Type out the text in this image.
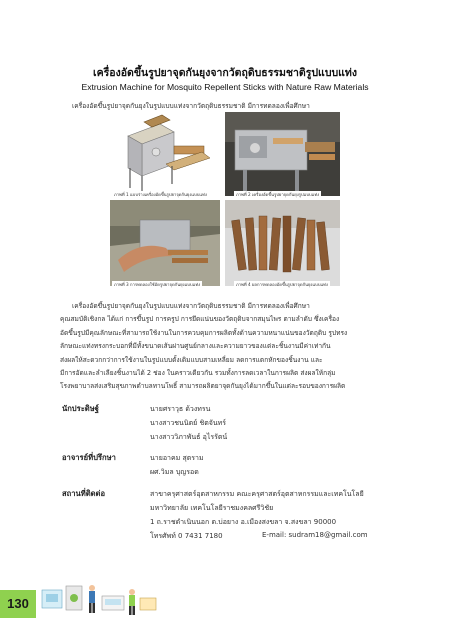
เครื่องอัดขึ้นรูปยาจุดกันยุงจากวัตถุดิบธรรมชาติรูปแบบแท่ง
Extrusion Machine for Mosquito Repellent Sticks with Nature Raw Materials

เครื่องอัดขึ้นรูปยาจุดกันยุงในรูปแบบแท่งจากวัตถุดิบธรรมชาติ มีการทดลองเพื่อศึกษา

ภาพที่ 1 แบบร่างเครื่องอัดขึ้นรูปยาจุดกันยุงแบบแท่ง	ภาพที่ 2 เครื่องอัดขึ้นรูปยาจุดกันยุงรูปแบบแท่ง
ภาพที่ 3 การทดลองใช้อัดรูปยาจุดกันยุงแบบแท่ง	ภาพที่ 4 ผลการทดลองอัดขึ้นรูปยาจุดกันยุงแบบแท่ง

เครื่องอัดขึ้นรูปยาจุดกันยุงในรูปแบบแท่งจากวัตถุดิบธรรมชาติ มีการทดลองเพื่อศึกษา
คุณสมบัติเชิงกล ได้แก่ การขึ้นรูป การครูป การยึดแน่นของวัตถุดิบจากสมุนไพร ตามลำดับ ซึ่งเครื่อง
อัดขึ้นรูปมีคุณลักษณะที่สามารถใช้งานในการควบคุมการผลิตทั้งด้านความหนาแน่นของวัตถุดิบ รูปทรง
ลักษณะแท่งทรงกระบอกที่มีทั้งขนาดเส้นผ่านศูนย์กลางและความยาวของแต่ละชิ้นงานมีค่าเท่ากัน
ส่งผลให้สะดวกกว่าการใช้งานในรูปแบบดั้งเดิมแบบสามเหลี่ยม ลดการแตกหักของชิ้นงาน และ
มีการอัดและลำเลียงชิ้นงานได้ 2 ช่อง ในคราวเดียวกัน รวมทั้งการลดเวลาในการผลิต ส่งผลให้กลุ่ม
โรงพยาบาลส่งเสริมสุขภาพตำบลทานโพธิ์ สามารถผลิตยาจุดกันยุงได้มากขึ้นในแต่ละรอบของการผลิต

นักประดิษฐ์	นายศราวุธ ด้วงทรน
นางสาวชนนิตย์ ชิตจันทร์
นางสาววิภาพันธ์ อุไรรัตน์
อาจารย์ที่ปรึกษา	นายอาคม สุตราม
ผศ.วิมล บุญรอด
สถานที่ติดต่อ	สาขาครุศาสตร์อุตสาหกรรม คณะครุศาสตร์อุตสาหกรรมและเทคโนโลยี
มหาวิทยาลัย เทคโนโลยีราชมงคลศรีวิชัย
1 ถ.ราชดำเนินนอก ต.บ่อยาง อ.เมืองสงขลา จ.สงขลา 90000
โทรศัพท์ 0 7431 7180	E-mail: sudram18@gmail.com
130
